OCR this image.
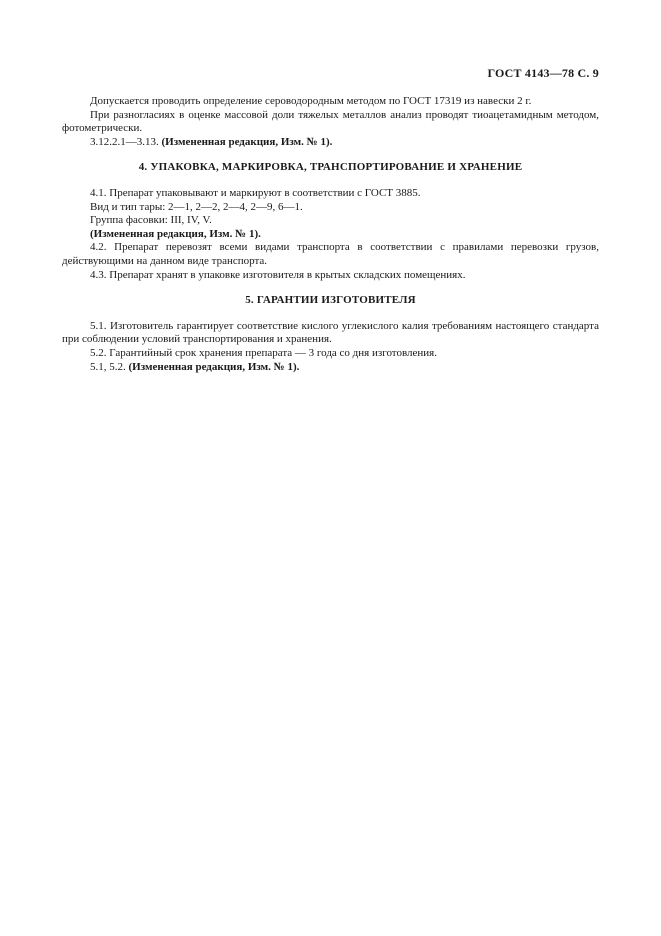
ГОСТ 4143—78 С. 9

Допускается проводить определение сероводородным методом по ГОСТ 17319 из навески 2 г.

При разногласиях в оценке массовой доли тяжелых металлов анализ проводят тиоацетамидным методом, фотометрически.

3.12.2.1—3.13. (Измененная редакция, Изм. № 1).

4. УПАКОВКА, МАРКИРОВКА, ТРАНСПОРТИРОВАНИЕ И ХРАНЕНИЕ

4.1. Препарат упаковывают и маркируют в соответствии с ГОСТ 3885.

Вид и тип тары: 2—1, 2—2, 2—4, 2—9, 6—1.

Группа фасовки: III, IV, V.

(Измененная редакция, Изм. № 1).

4.2. Препарат перевозят всеми видами транспорта в соответствии с правилами перевозки грузов, действующими на данном виде транспорта.

4.3. Препарат хранят в упаковке изготовителя в крытых складских помещениях.

5. ГАРАНТИИ ИЗГОТОВИТЕЛЯ

5.1. Изготовитель гарантирует соответствие кислого углекислого калия требованиям настоящего стандарта при соблюдении условий транспортирования и хранения.

5.2. Гарантийный срок хранения препарата — 3 года со дня изготовления.

5.1, 5.2. (Измененная редакция, Изм. № 1).
